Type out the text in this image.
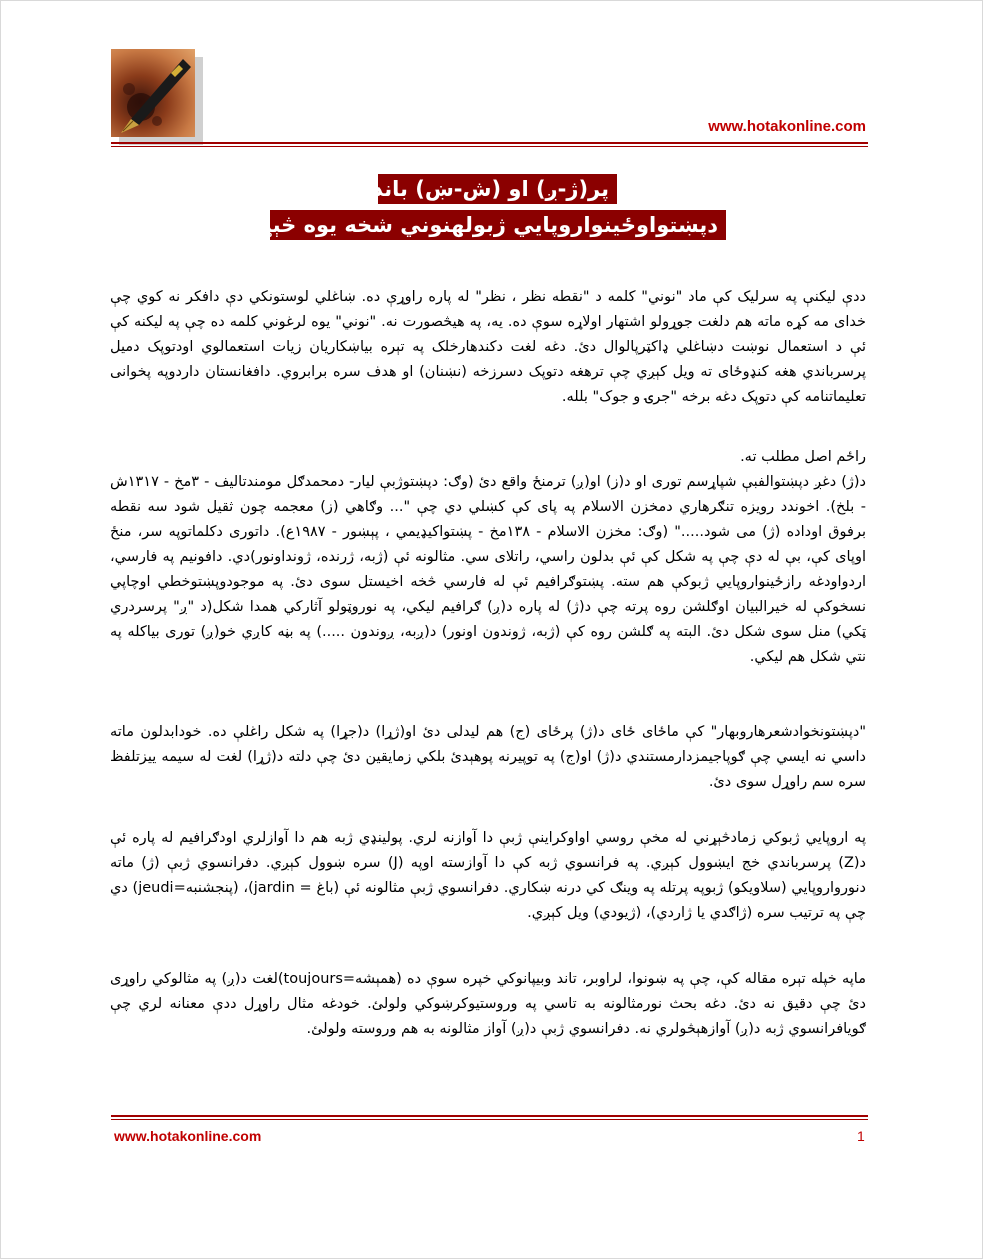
www.hotakonline.com
پر(ژ-ږ) او (ش-ښ) باندي
دپښتواوځینواروپایي ژبولهنوني شخه یوه څېړنه

ددې لیکنې په سرلیک کې ماد "نوني" کلمه د "نقطه نظر ، نظر" له پاره راوړې ده. ښاغلي لوستونکي دې دافکر نه کوي چې خدای مه کړه ماته هم دلغت جوړولو اشتهار اولاړه سوې ده. یه، په هیڅصورت نه. "نوني" یوه لرغوني کلمه ده چې په لیکنه کې ئې د استعمال نوښت دښاغلي ډاکټرپالوال دئ. دغه لغت دکندهارخلک په تېره بیاښکاریان زیات استعمالوي اودتوپک دمیل پرسرباندي هغه کنډوځای ته ویل کېږي چې ترهغه دتوپک دسرزخه (نښنان) او هدف سره برابروي. دافغانستان داردوپه پخوانی تعلیماتنامه کې دتوپک دغه برخه "جرۍ و جوک" بلله.

راځم اصل مطلب ته.

د(ژ) دغږ دپښتوالفبې شپاړسم توری او د(ز) او(ږ) ترمنځ واقع دئ (وګ: دپښتوژبې لیار- دمحمدګل مومندتالیف - ۳مخ - ۱۳۱۷ش - بلخ). اخوندد رویزه تنګرهاري دمخزن الاسلام په پای کې کښلي دي چې "... وګاهي (ز) معجمه چون ثقیل شود سه نقطه برفوق اوداده (ژ) می شود....." (وګ: مخزن الاسلام - ۱۳۸مخ - پښتواکیډیمي ، پېښور - ۱۹۸۷ع). داتوری دکلماتوپه سر، منځ اوپای کې، بې له دې چې په شکل کې ئې بدلون راسي، راتلای سي. مثالونه ئې (ژبه، ژرنده، ژونداونور)دي. دافونیم په فارسي، اردواودغه رازځینواروپایي ژبوکې هم سته. پښتوګرافیم ئې له فارسي څخه اخیستل سوی دئ. په موجودوپښتوخطي اوچاپي نسخوکې له خیرالبیان اوګلشن روه پرته چې د(ژ) له پاره د(ږ) ګرافیم لیکي، په نوروټولو آثارکي همدا شکل(د "ږ" پرسردري ټکي) منل سوی شکل دئ. البته په ګلشن روه کې (ژبه، ژوندون اونور) د(ږبه، ږوندون .....) په بڼه کاږي خو(ږ) توری بیاکله په نتي شکل هم لیکي.

"دپښتونخوادشعرهاروبهار" کې ماځای ځای د(ژ) پرځای (ج) هم لیدلی دئ او(ژړا) د(جړا) په شکل راغلې ده. خودابدلون ماته داسي نه ایسي چې ګوپاجیمزدارمستندي د(ژ) او(ج) په توپیرنه پوهېدئ بلکي زمایقین دئ چې دلته د(ژړا) لغت له سیمه ییزتلفظ سره سم راوړل سوی دئ.

په اروپایي ژبوکي زمادڅېړني له مخې روسي اواوکراینې ژبې دا آوازنه لري. پولینډي ژبه هم دا آوازلري اودګرافیم له پاره ئې د(Z) پرسرباندي خج ایښوول کېږي. په فرانسوي ژبه کې دا آوازسته اوپه (J) سره ښوول کېږي. دفرانسوي ژبې (ژ) ماته دنورواروپایي (سلاویکو) ژبوپه پرتله په وینګ کي درنه ښکاري. دفرانسوي ژبې مثالونه ئې (باغ = jardin)، (پنجشنبه=jeudi) دي چې په ترتیب سره (ژاګدي یا ژاردي)، (ژیودي) ویل کېږي.

ماپه خپله تېره مقاله کې، چې په ښونوا، لراوبر، تاند وبیپانوکي خپره سوې ده (همېشه=toujours)لغت د(ږ) په مثالوکي راوړی دئ چې دقیق نه دئ. دغه بحث نورمثالونه به تاسي په وروستیوکرښوکي ولولئ. خودغه مثال راوړل ددې معنانه لري چې ګویافرانسوي ژبه د(ږ) آوازهېڅولري نه. دفرانسوي ژبې د(ږ) آواز مثالونه به هم وروسته ولولئ.

www.hotakonline.com	1
